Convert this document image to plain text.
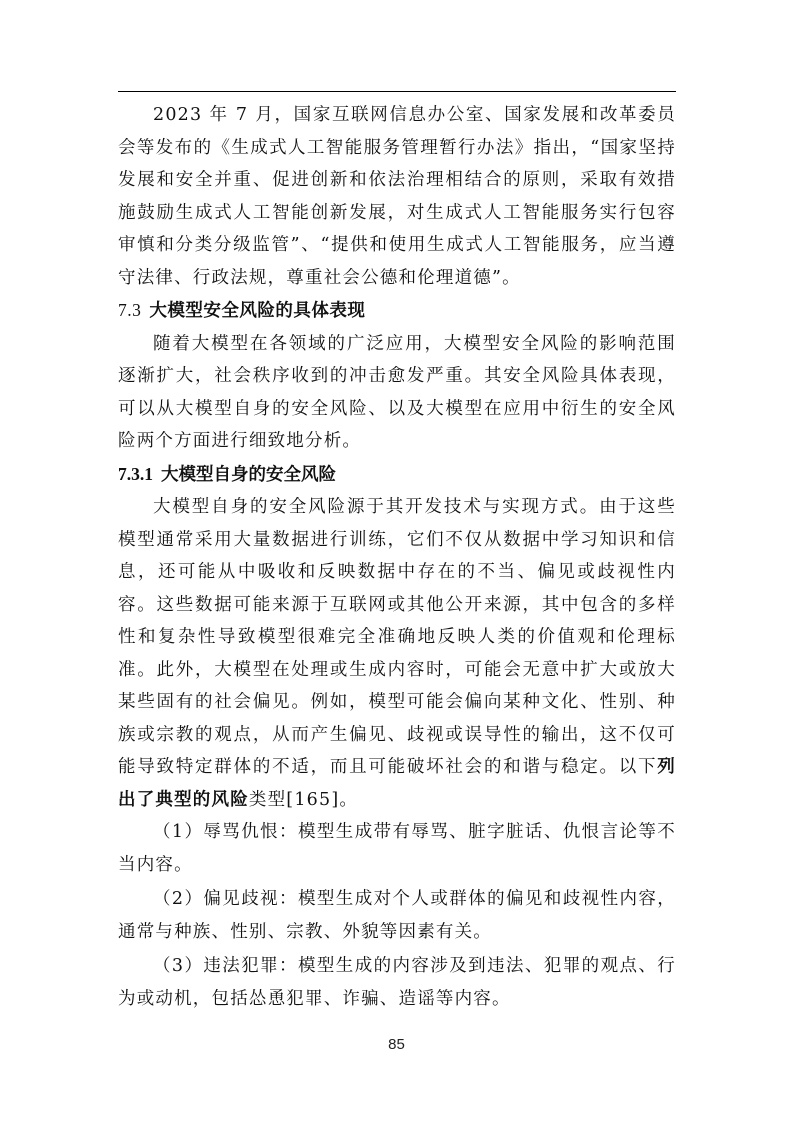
2023 年 7 月，国家互联网信息办公室、国家发展和改革委员会等发布的《生成式人工智能服务管理暂行办法》指出，“国家坚持发展和安全并重、促进创新和依法治理相结合的原则，采取有效措施鼓励生成式人工智能创新发展，对生成式人工智能服务实行包容审慎和分类分级监管”、“提供和使用生成式人工智能服务，应当遵守法律、行政法规，尊重社会公德和伦理道德”。

7.3 大模型安全风险的具体表现

随着大模型在各领域的广泛应用，大模型安全风险的影响范围逐渐扩大，社会秩序收到的冲击愈发严重。其安全风险具体表现，可以从大模型自身的安全风险、以及大模型在应用中衍生的安全风险两个方面进行细致地分析。

7.3.1 大模型自身的安全风险

大模型自身的安全风险源于其开发技术与实现方式。由于这些模型通常采用大量数据进行训练，它们不仅从数据中学习知识和信息，还可能从中吸收和反映数据中存在的不当、偏见或歧视性内容。这些数据可能来源于互联网或其他公开来源，其中包含的多样性和复杂性导致模型很难完全准确地反映人类的价值观和伦理标准。此外，大模型在处理或生成内容时，可能会无意中扩大或放大某些固有的社会偏见。例如，模型可能会偏向某种文化、性别、种族或宗教的观点，从而产生偏见、歧视或误导性的输出，这不仅可能导致特定群体的不适，而且可能破坏社会的和谐与稳定。以下列出了典型的风险类型[165]。

（1）辱骂仇恨：模型生成带有辱骂、脏字脏话、仇恨言论等不当内容。

（2）偏见歧视：模型生成对个人或群体的偏见和歧视性内容，通常与种族、性别、宗教、外貌等因素有关。

（3）违法犯罪：模型生成的内容涉及到违法、犯罪的观点、行为或动机，包括怂恿犯罪、诈骗、造谣等内容。

85
